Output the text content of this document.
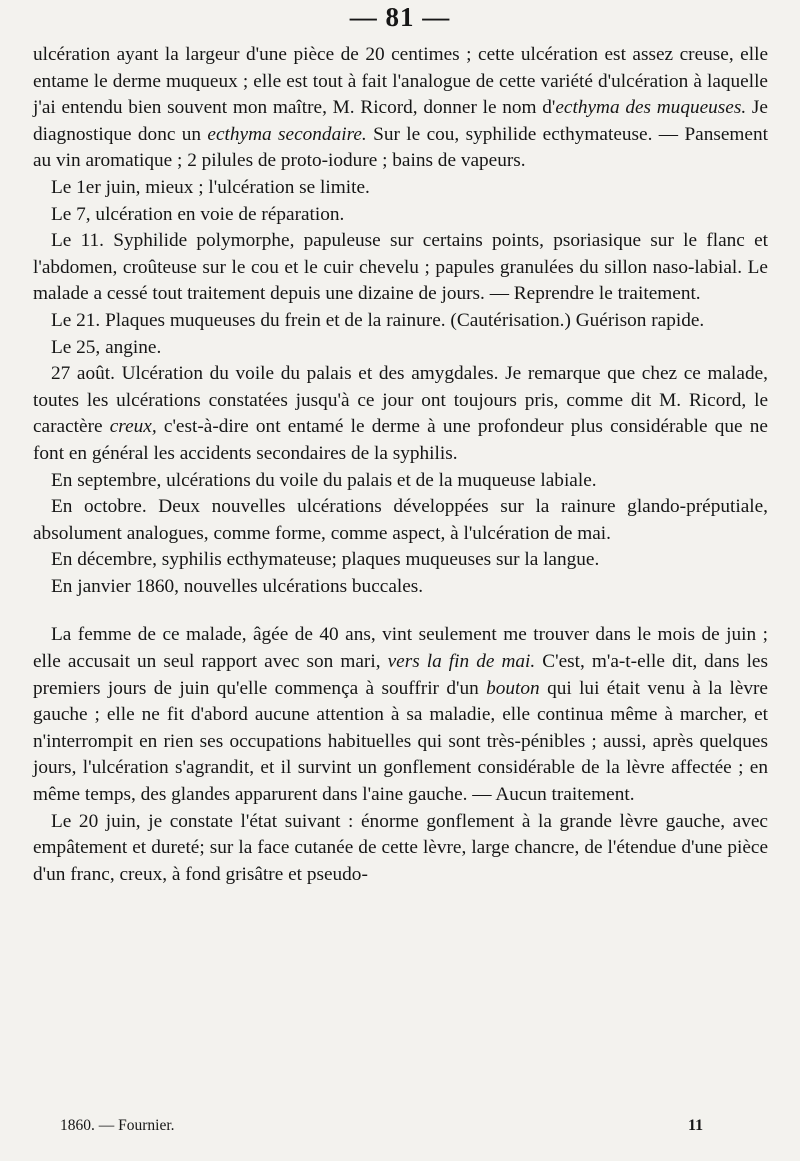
— 81 —

ulcération ayant la largeur d'une pièce de 20 centimes ; cette ulcération est assez creuse, elle entame le derme muqueux ; elle est tout à fait l'analogue de cette variété d'ulcération à laquelle j'ai entendu bien souvent mon maître, M. Ricord, donner le nom d'ecthyma des muqueuses. Je diagnostique donc un ecthyma secondaire. Sur le cou, syphilide ecthymateuse. — Pansement au vin aromatique ; 2 pilules de proto-iodure ; bains de vapeurs.

Le 1er juin, mieux ; l'ulcération se limite.

Le 7, ulcération en voie de réparation.

Le 11. Syphilide polymorphe, papuleuse sur certains points, psoriasique sur le flanc et l'abdomen, croûteuse sur le cou et le cuir chevelu ; papules granulées du sillon naso-labial. Le malade a cessé tout traitement depuis une dizaine de jours. — Reprendre le traitement.

Le 21. Plaques muqueuses du frein et de la rainure. (Cautérisation.) Guérison rapide.

Le 25, angine.

27 août. Ulcération du voile du palais et des amygdales. Je remarque que chez ce malade, toutes les ulcérations constatées jusqu'à ce jour ont toujours pris, comme dit M. Ricord, le caractère creux, c'est-à-dire ont entamé le derme à une profondeur plus considérable que ne font en général les accidents secondaires de la syphilis.

En septembre, ulcérations du voile du palais et de la muqueuse labiale.

En octobre. Deux nouvelles ulcérations développées sur la rainure glando-préputiale, absolument analogues, comme forme, comme aspect, à l'ulcération de mai.

En décembre, syphilis ecthymateuse; plaques muqueuses sur la langue.

En janvier 1860, nouvelles ulcérations buccales.

La femme de ce malade, âgée de 40 ans, vint seulement me trouver dans le mois de juin ; elle accusait un seul rapport avec son mari, vers la fin de mai. C'est, m'a-t-elle dit, dans les premiers jours de juin qu'elle commença à souffrir d'un bouton qui lui était venu à la lèvre gauche ; elle ne fit d'abord aucune attention à sa maladie, elle continua même à marcher, et n'interrompit en rien ses occupations habituelles qui sont très-pénibles ; aussi, après quelques jours, l'ulcération s'agrandit, et il survint un gonflement considérable de la lèvre affectée ; en même temps, des glandes apparurent dans l'aine gauche. — Aucun traitement.

Le 20 juin, je constate l'état suivant : énorme gonflement à la grande lèvre gauche, avec empâtement et dureté; sur la face cutanée de cette lèvre, large chancre, de l'étendue d'une pièce d'un franc, creux, à fond grisâtre et pseudo-

1860. — Fournier.	11
